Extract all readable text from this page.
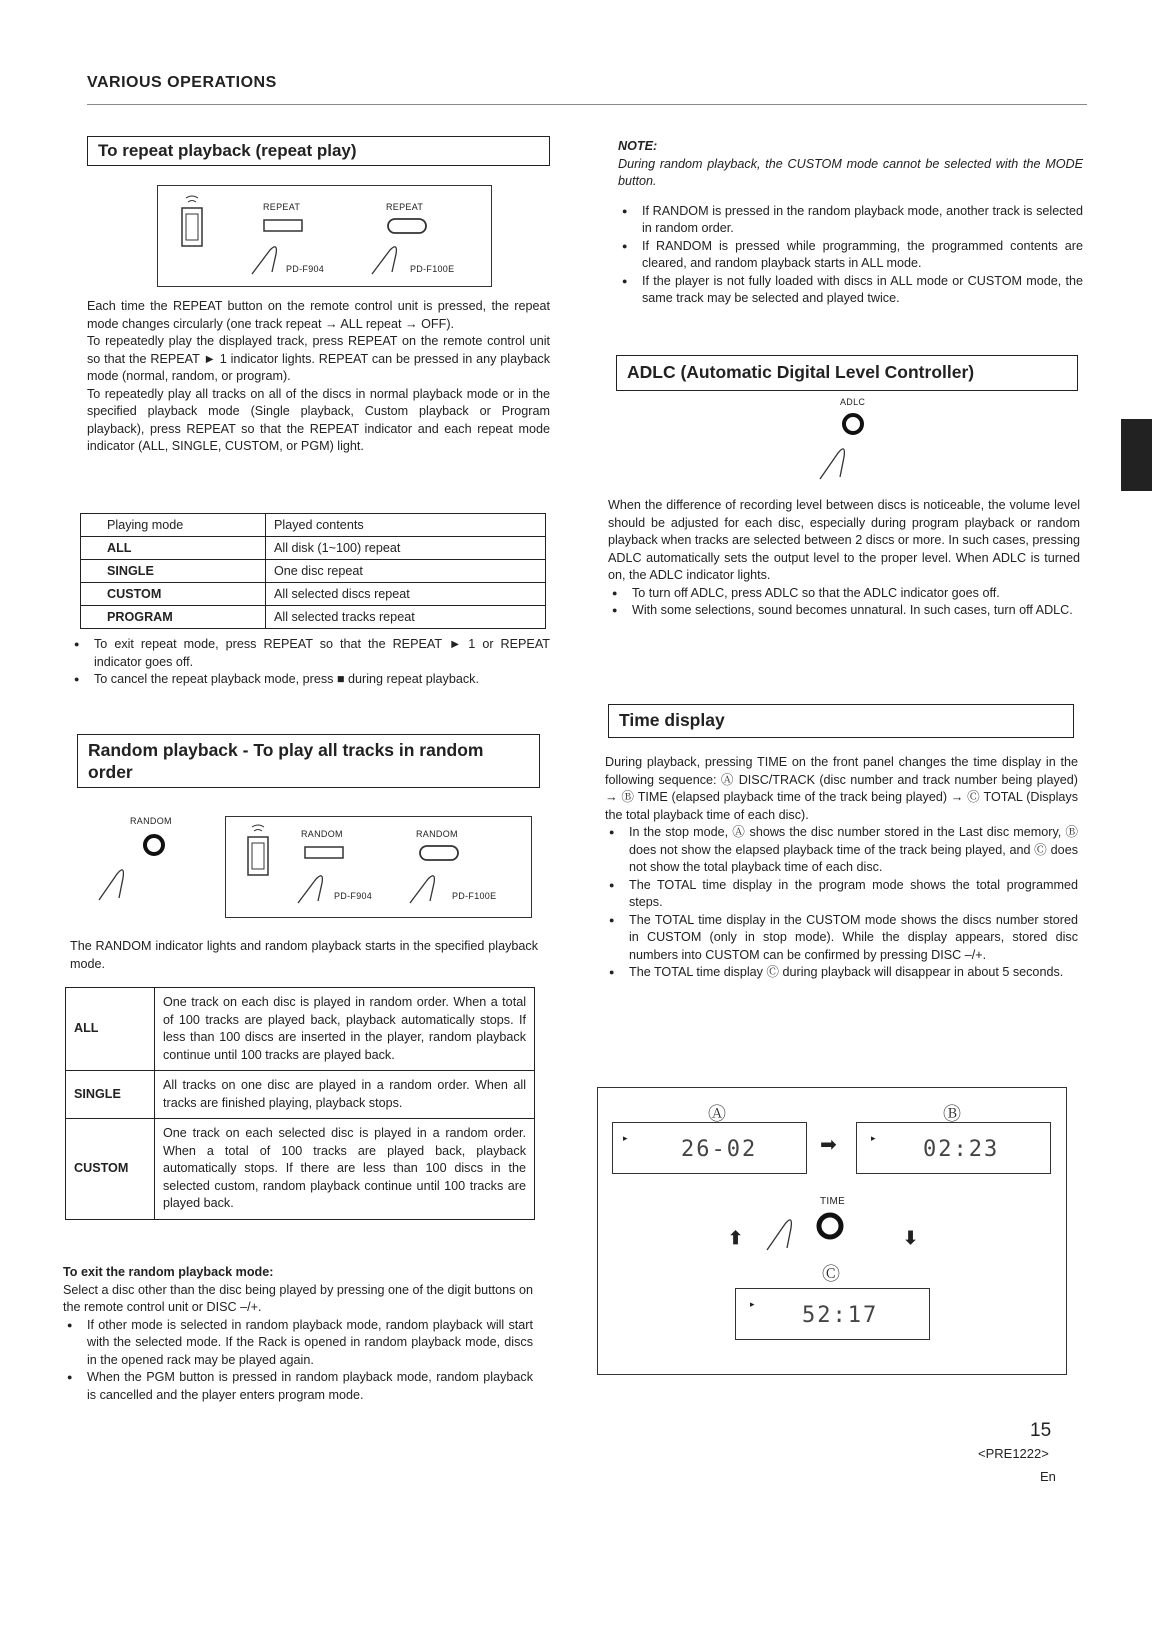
VARIOUS OPERATIONS
To repeat playback (repeat play)
REPEAT	REPEAT
PD-F904	PD-F100E

Each time the REPEAT button on the remote control unit is pressed, the repeat mode changes circularly (one track repeat → ALL repeat → OFF).

To repeatedly play the displayed track, press REPEAT on the remote control unit so that the REPEAT ► 1 indicator lights. REPEAT can be pressed in any playback mode (normal, random, or program).

To repeatedly play all tracks on all of the discs in normal playback mode or in the specified playback mode (Single playback, Custom playback or Program playback), press REPEAT so that the REPEAT indicator and each repeat mode indicator (ALL, SINGLE, CUSTOM, or PGM) light.

Playing mode	Played contents
ALL	All disk (1~100) repeat
SINGLE	One disc repeat
CUSTOM	All selected discs repeat
PROGRAM	All selected tracks repeat

● To exit repeat mode, press REPEAT so that the REPEAT ► 1 or REPEAT indicator goes off.

● To cancel the repeat playback mode, press ■ during repeat playback.

Random playback - To play all tracks in random order
RANDOM
RANDOM	RANDOM
PD-F904	PD-F100E

The RANDOM indicator lights and random playback starts in the specified playback mode.

ALL	One track on each disc is played in random order. When a total of 100 tracks are played back, playback automatically stops. If less than 100 discs are inserted in the player, random playback continue until 100 tracks are played back.
SINGLE	All tracks on one disc are played in a random order. When all tracks are finished playing, playback stops.
CUSTOM	One track on each selected disc is played in a random order. When a total of 100 tracks are played back, playback automatically stops. If there are less than 100 discs in the selected custom, random playback continue until 100 tracks are played back.

To exit the random playback mode:

Select a disc other than the disc being played by pressing one of the digit buttons on the remote control unit or DISC –/+.

● If other mode is selected in random playback mode, random playback will start with the selected mode. If the Rack is opened in random playback mode, discs in the opened rack may be played again.

● When the PGM button is pressed in random playback mode, random playback is cancelled and the player enters program mode.

NOTE:

During random playback, the CUSTOM mode cannot be selected with the MODE button.

● If RANDOM is pressed in the random playback mode, another track is selected in random order.

● If RANDOM is pressed while programming, the programmed contents are cleared, and random playback starts in ALL mode.

● If the player is not fully loaded with discs in ALL mode or CUSTOM mode, the same track may be selected and played twice.

ADLC (Automatic Digital Level Controller)
ADLC

When the difference of recording level between discs is noticeable, the volume level should be adjusted for each disc, especially during program playback or random playback when tracks are selected between 2 discs or more. In such cases, pressing ADLC automatically sets the output level to the proper level. When ADLC is turned on, the ADLC indicator lights.

● To turn off ADLC, press ADLC so that the ADLC indicator goes off.

● With some selections, sound becomes unnatural. In such cases, turn off ADLC.

Time display

During playback, pressing TIME on the front panel changes the time display in the following sequence: Ⓐ DISC/TRACK (disc number and track number being played) → Ⓑ TIME (elapsed playback time of the track being played) → Ⓒ TOTAL (Displays the total playback time of each disc).

● In the stop mode, Ⓐ shows the disc number stored in the Last disc memory, Ⓑ does not show the elapsed playback time of the track being played, and Ⓒ does not show the total playback time of each disc.

● The TOTAL time display in the program mode shows the total programmed steps.

● The TOTAL time display in the CUSTOM mode shows the discs number stored in CUSTOM (only in stop mode). While the display appears, stored disc numbers into CUSTOM can be confirmed by pressing DISC –/+.

● The TOTAL time display Ⓒ during playback will disappear in about 5 seconds.

Ⓐ	Ⓑ
▸ 26-02	➡	▸ 02:23
TIME
⬆	⬇
Ⓒ
▸ 52:17
15
<PRE1222>
En
